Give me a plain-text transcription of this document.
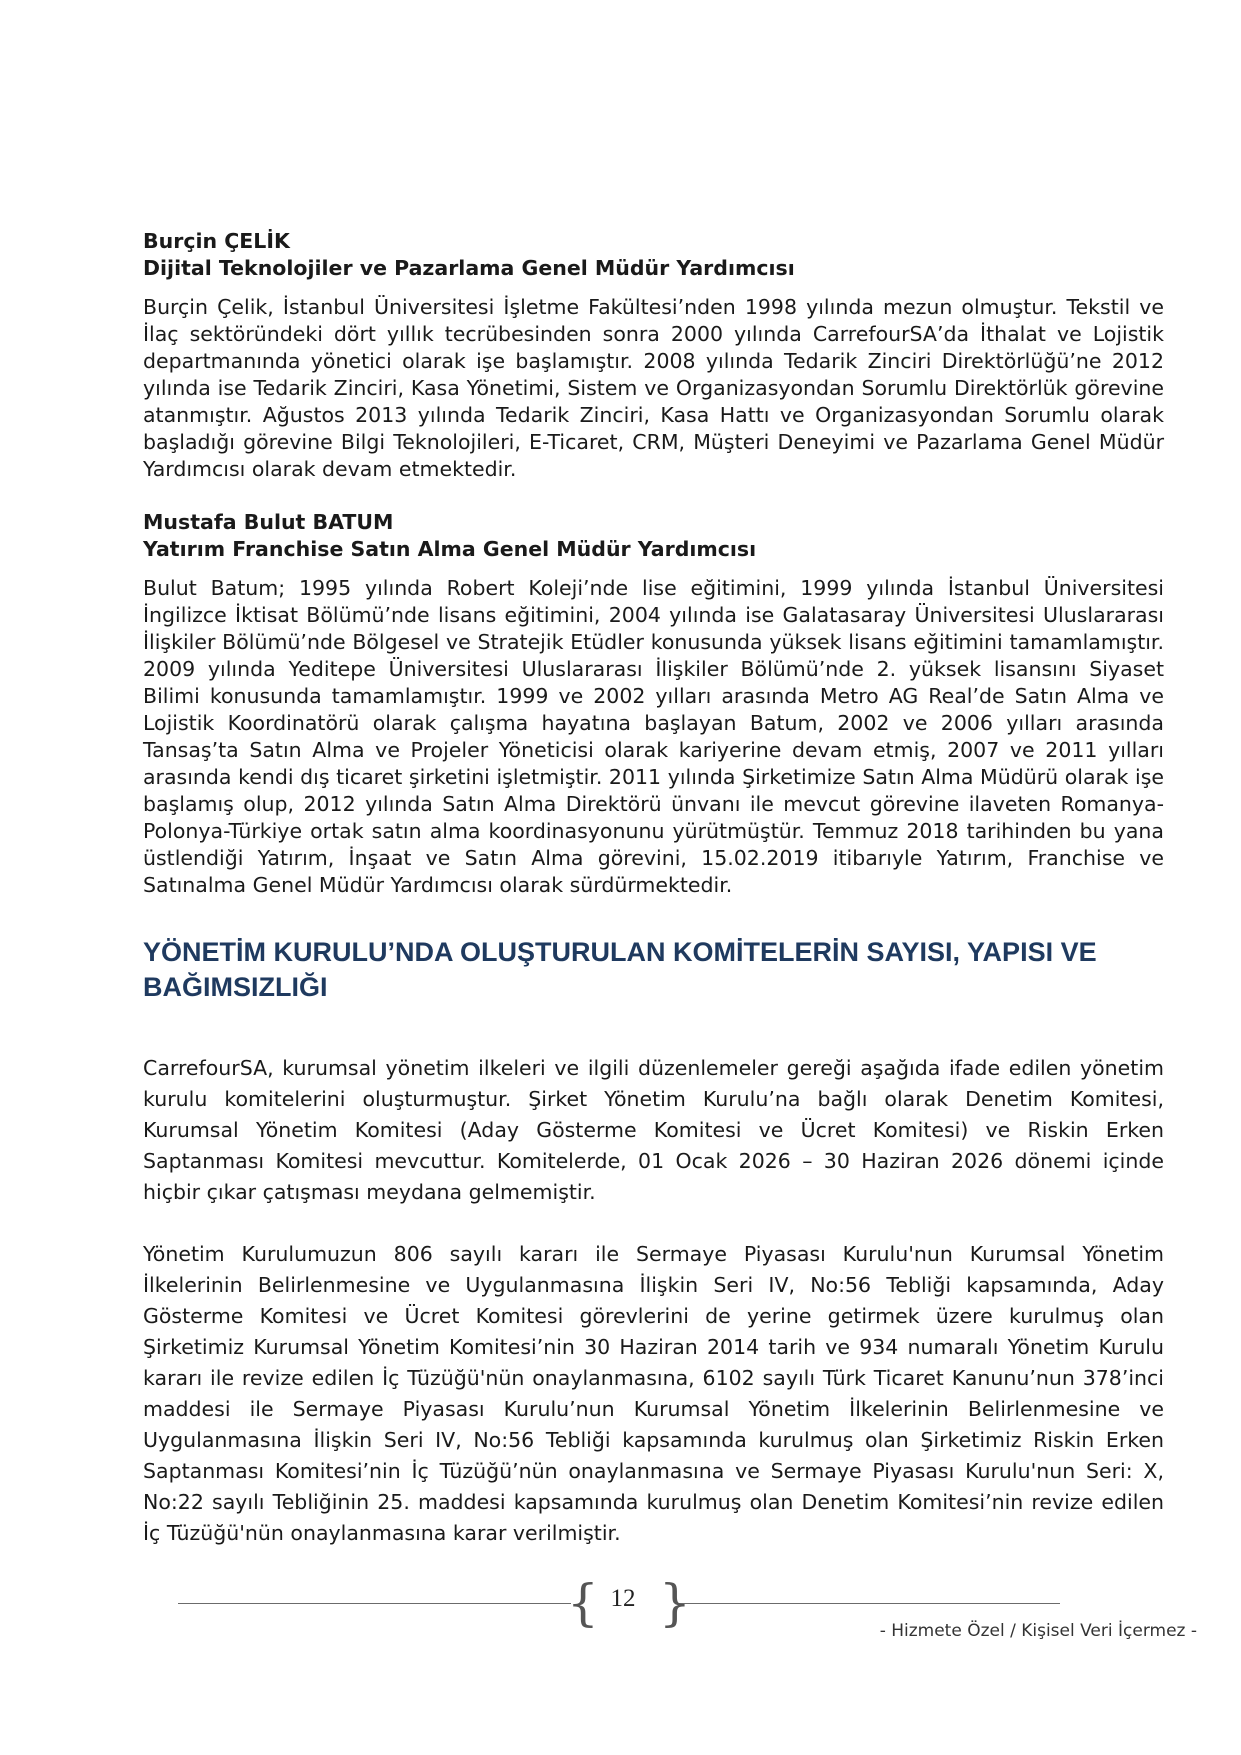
Burçin ÇELİK

Dijital Teknolojiler ve Pazarlama Genel Müdür Yardımcısı

Burçin Çelik, İstanbul Üniversitesi İşletme Fakültesi’nden 1998 yılında mezun olmuştur. Tekstil ve İlaç sektöründeki dört yıllık tecrübesinden sonra 2000 yılında CarrefourSA’da İthalat ve Lojistik departmanında yönetici olarak işe başlamıştır. 2008 yılında Tedarik Zinciri Direktörlüğü’ne 2012 yılında ise Tedarik Zinciri, Kasa Yönetimi, Sistem ve Organizasyondan Sorumlu Direktörlük görevine atanmıştır. Ağustos 2013 yılında Tedarik Zinciri, Kasa Hattı ve Organizasyondan Sorumlu olarak başladığı görevine Bilgi Teknolojileri, E-Ticaret, CRM, Müşteri Deneyimi ve Pazarlama Genel Müdür Yardımcısı olarak devam etmektedir.

Mustafa Bulut BATUM

Yatırım Franchise Satın Alma Genel Müdür Yardımcısı

Bulut Batum; 1995 yılında Robert Koleji’nde lise eğitimini, 1999 yılında İstanbul Üniversitesi İngilizce İktisat Bölümü’nde lisans eğitimini, 2004 yılında ise Galatasaray Üniversitesi Uluslararası İlişkiler Bölümü’nde Bölgesel ve Stratejik Etüdler konusunda yüksek lisans eğitimini tamamlamıştır. 2009 yılında Yeditepe Üniversitesi Uluslararası İlişkiler Bölümü’nde 2. yüksek lisansını Siyaset Bilimi konusunda tamamlamıştır. 1999 ve 2002 yılları arasında Metro AG Real’de Satın Alma ve Lojistik Koordinatörü olarak çalışma hayatına başlayan Batum, 2002 ve 2006 yılları arasında Tansaş’ta Satın Alma ve Projeler Yöneticisi olarak kariyerine devam etmiş, 2007 ve 2011 yılları arasında kendi dış ticaret şirketini işletmiştir. 2011 yılında Şirketimize Satın Alma Müdürü olarak işe başlamış olup, 2012 yılında Satın Alma Direktörü ünvanı ile mevcut görevine ilaveten Romanya-Polonya-Türkiye ortak satın alma koordinasyonunu yürütmüştür. Temmuz 2018 tarihinden bu yana üstlendiği Yatırım, İnşaat ve Satın Alma görevini, 15.02.2019 itibarıyle Yatırım, Franchise ve Satınalma Genel Müdür Yardımcısı olarak sürdürmektedir.

YÖNETİM KURULU’NDA OLUŞTURULAN KOMİTELERİN SAYISI, YAPISI VE BAĞIMSIZLIĞI

CarrefourSA, kurumsal yönetim ilkeleri ve ilgili düzenlemeler gereği aşağıda ifade edilen yönetim kurulu komitelerini oluşturmuştur. Şirket Yönetim Kurulu’na bağlı olarak Denetim Komitesi, Kurumsal Yönetim Komitesi (Aday Gösterme Komitesi ve Ücret Komitesi) ve Riskin Erken Saptanması Komitesi mevcuttur. Komitelerde, 01 Ocak 2026 – 30 Haziran 2026 dönemi içinde hiçbir çıkar çatışması meydana gelmemiştir.

Yönetim Kurulumuzun 806 sayılı kararı ile Sermaye Piyasası Kurulu'nun Kurumsal Yönetim İlkelerinin Belirlenmesine ve Uygulanmasına İlişkin Seri IV, No:56 Tebliği kapsamında, Aday Gösterme Komitesi ve Ücret Komitesi görevlerini de yerine getirmek üzere kurulmuş olan Şirketimiz Kurumsal Yönetim Komitesi’nin 30 Haziran 2014 tarih ve 934 numaralı Yönetim Kurulu kararı ile revize edilen İç Tüzüğü'nün onaylanmasına, 6102 sayılı Türk Ticaret Kanunu’nun 378’inci maddesi ile Sermaye Piyasası Kurulu’nun Kurumsal Yönetim İlkelerinin Belirlenmesine ve Uygulanmasına İlişkin Seri IV, No:56 Tebliği kapsamında kurulmuş olan Şirketimiz Riskin Erken Saptanması Komitesi’nin İç Tüzüğü’nün onaylanmasına ve Sermaye Piyasası Kurulu'nun Seri: X, No:22 sayılı Tebliğinin 25. maddesi kapsamında kurulmuş olan Denetim Komitesi’nin revize edilen İç Tüzüğü'nün onaylanmasına karar verilmiştir.

{ }
12
- Hizmete Özel / Kişisel Veri İçermez -
